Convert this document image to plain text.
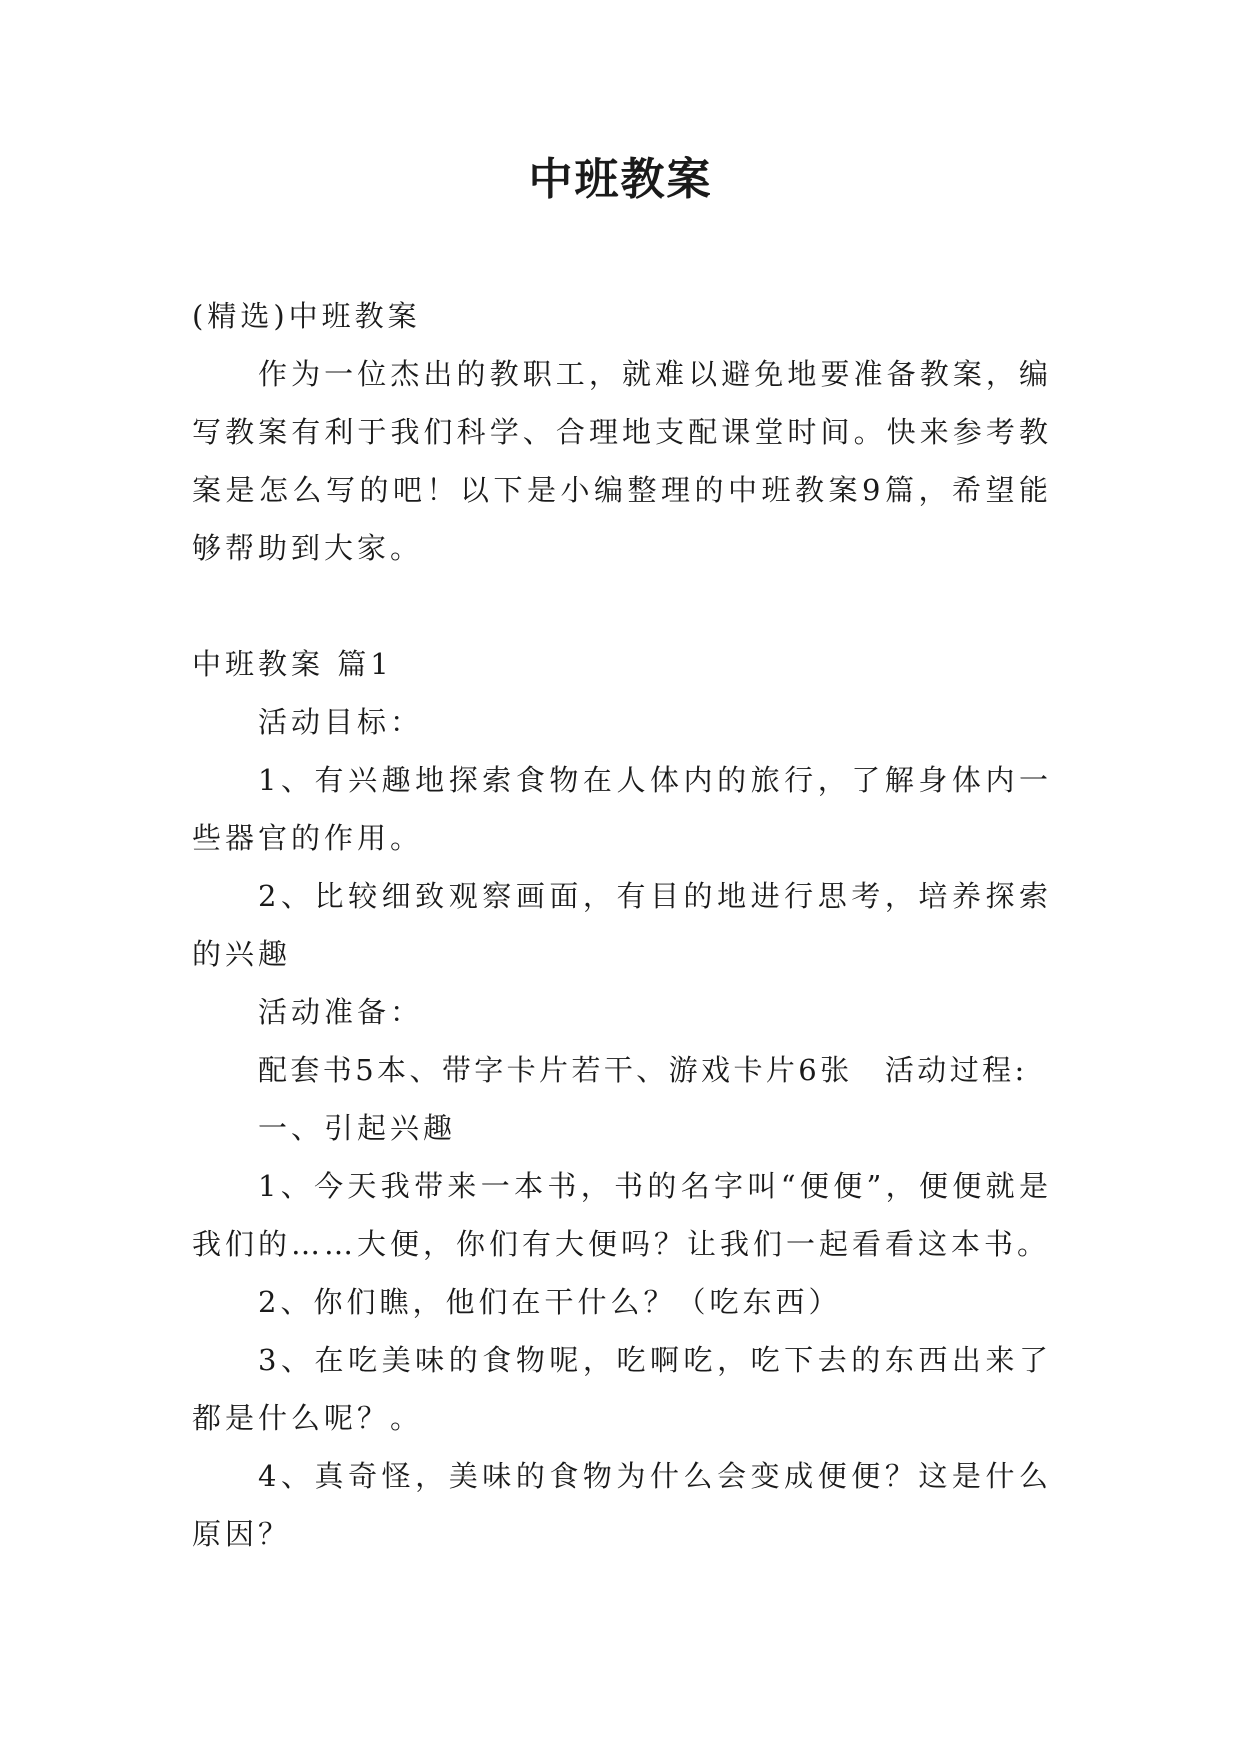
中班教案

(精选)中班教案

作为一位杰出的教职工，就难以避免地要准备教案，编写教案有利于我们科学、合理地支配课堂时间。快来参考教案是怎么写的吧！以下是小编整理的中班教案9篇，希望能够帮助到大家。

中班教案 篇1

活动目标：

1、有兴趣地探索食物在人体内的旅行，了解身体内一些器官的作用。

2、比较细致观察画面，有目的地进行思考，培养探索的兴趣

活动准备：

配套书5本、带字卡片若干、游戏卡片6张　活动过程:

一、引起兴趣

1、今天我带来一本书，书的名字叫“便便”，便便就是我们的……大便，你们有大便吗？让我们一起看看这本书。

2、你们瞧，他们在干什么？（吃东西）

3、在吃美味的食物呢，吃啊吃，吃下去的东西出来了都是什么呢？。

4、真奇怪，美味的食物为什么会变成便便？这是什么原因？
